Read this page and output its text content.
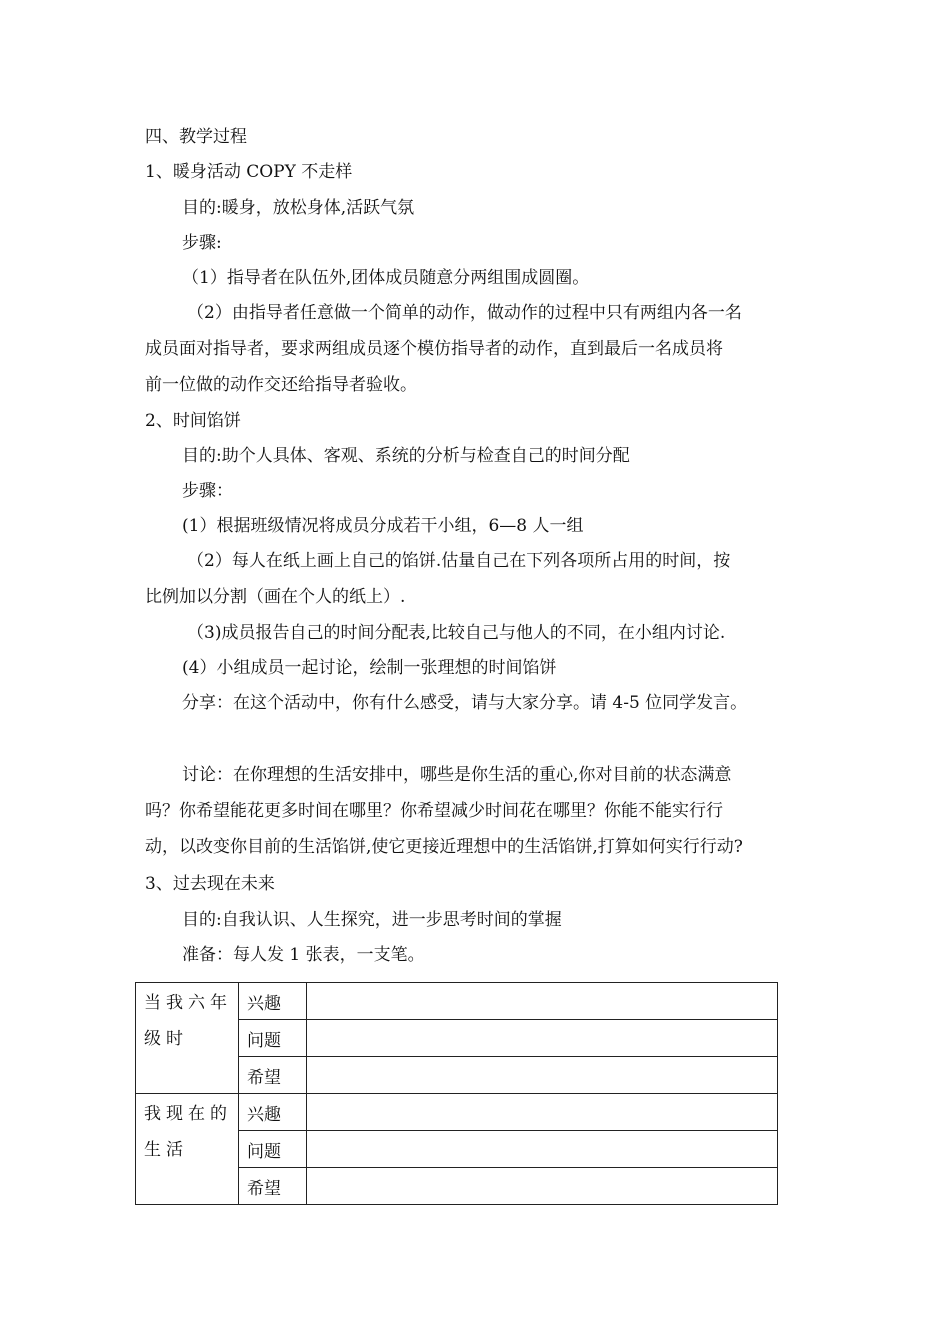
四、教学过程
1、暖身活动 COPY 不走样
目的:暖身，放松身体,活跃气氛
步骤:
（1）指导者在队伍外,团体成员随意分两组围成圆圈。
（2）由指导者任意做一个简单的动作，做动作的过程中只有两组内各一名
成员面对指导者，要求两组成员逐个模仿指导者的动作，直到最后一名成员将
前一位做的动作交还给指导者验收。
2、时间馅饼
目的:助个人具体、客观、系统的分析与检查自己的时间分配
步骤：
(1）根据班级情况将成员分成若干小组，6—8 人一组
（2）每人在纸上画上自己的馅饼.估量自己在下列各项所占用的时间，按
比例加以分割（画在个人的纸上）.
（3)成员报告自己的时间分配表,比较自己与他人的不同，在小组内讨论.
(4）小组成员一起讨论，绘制一张理想的时间馅饼
分享：在这个活动中，你有什么感受，请与大家分享。请 4-5 位同学发言。
讨论：在你理想的生活安排中，哪些是你生活的重心,你对目前的状态满意
吗？你希望能花更多时间在哪里？你希望减少时间花在哪里？你能不能实行行
动，以改变你目前的生活馅饼,使它更接近理想中的生活馅饼,打算如何实行行动?
3、过去现在未来
目的:自我认识、人生探究，进一步思考时间的掌握
准备：每人发 1 张表，一支笔。
当我六年
级时	兴趣	
	问题	
	希望	
我现在的
生活	兴趣	
	问题	
	希望	
